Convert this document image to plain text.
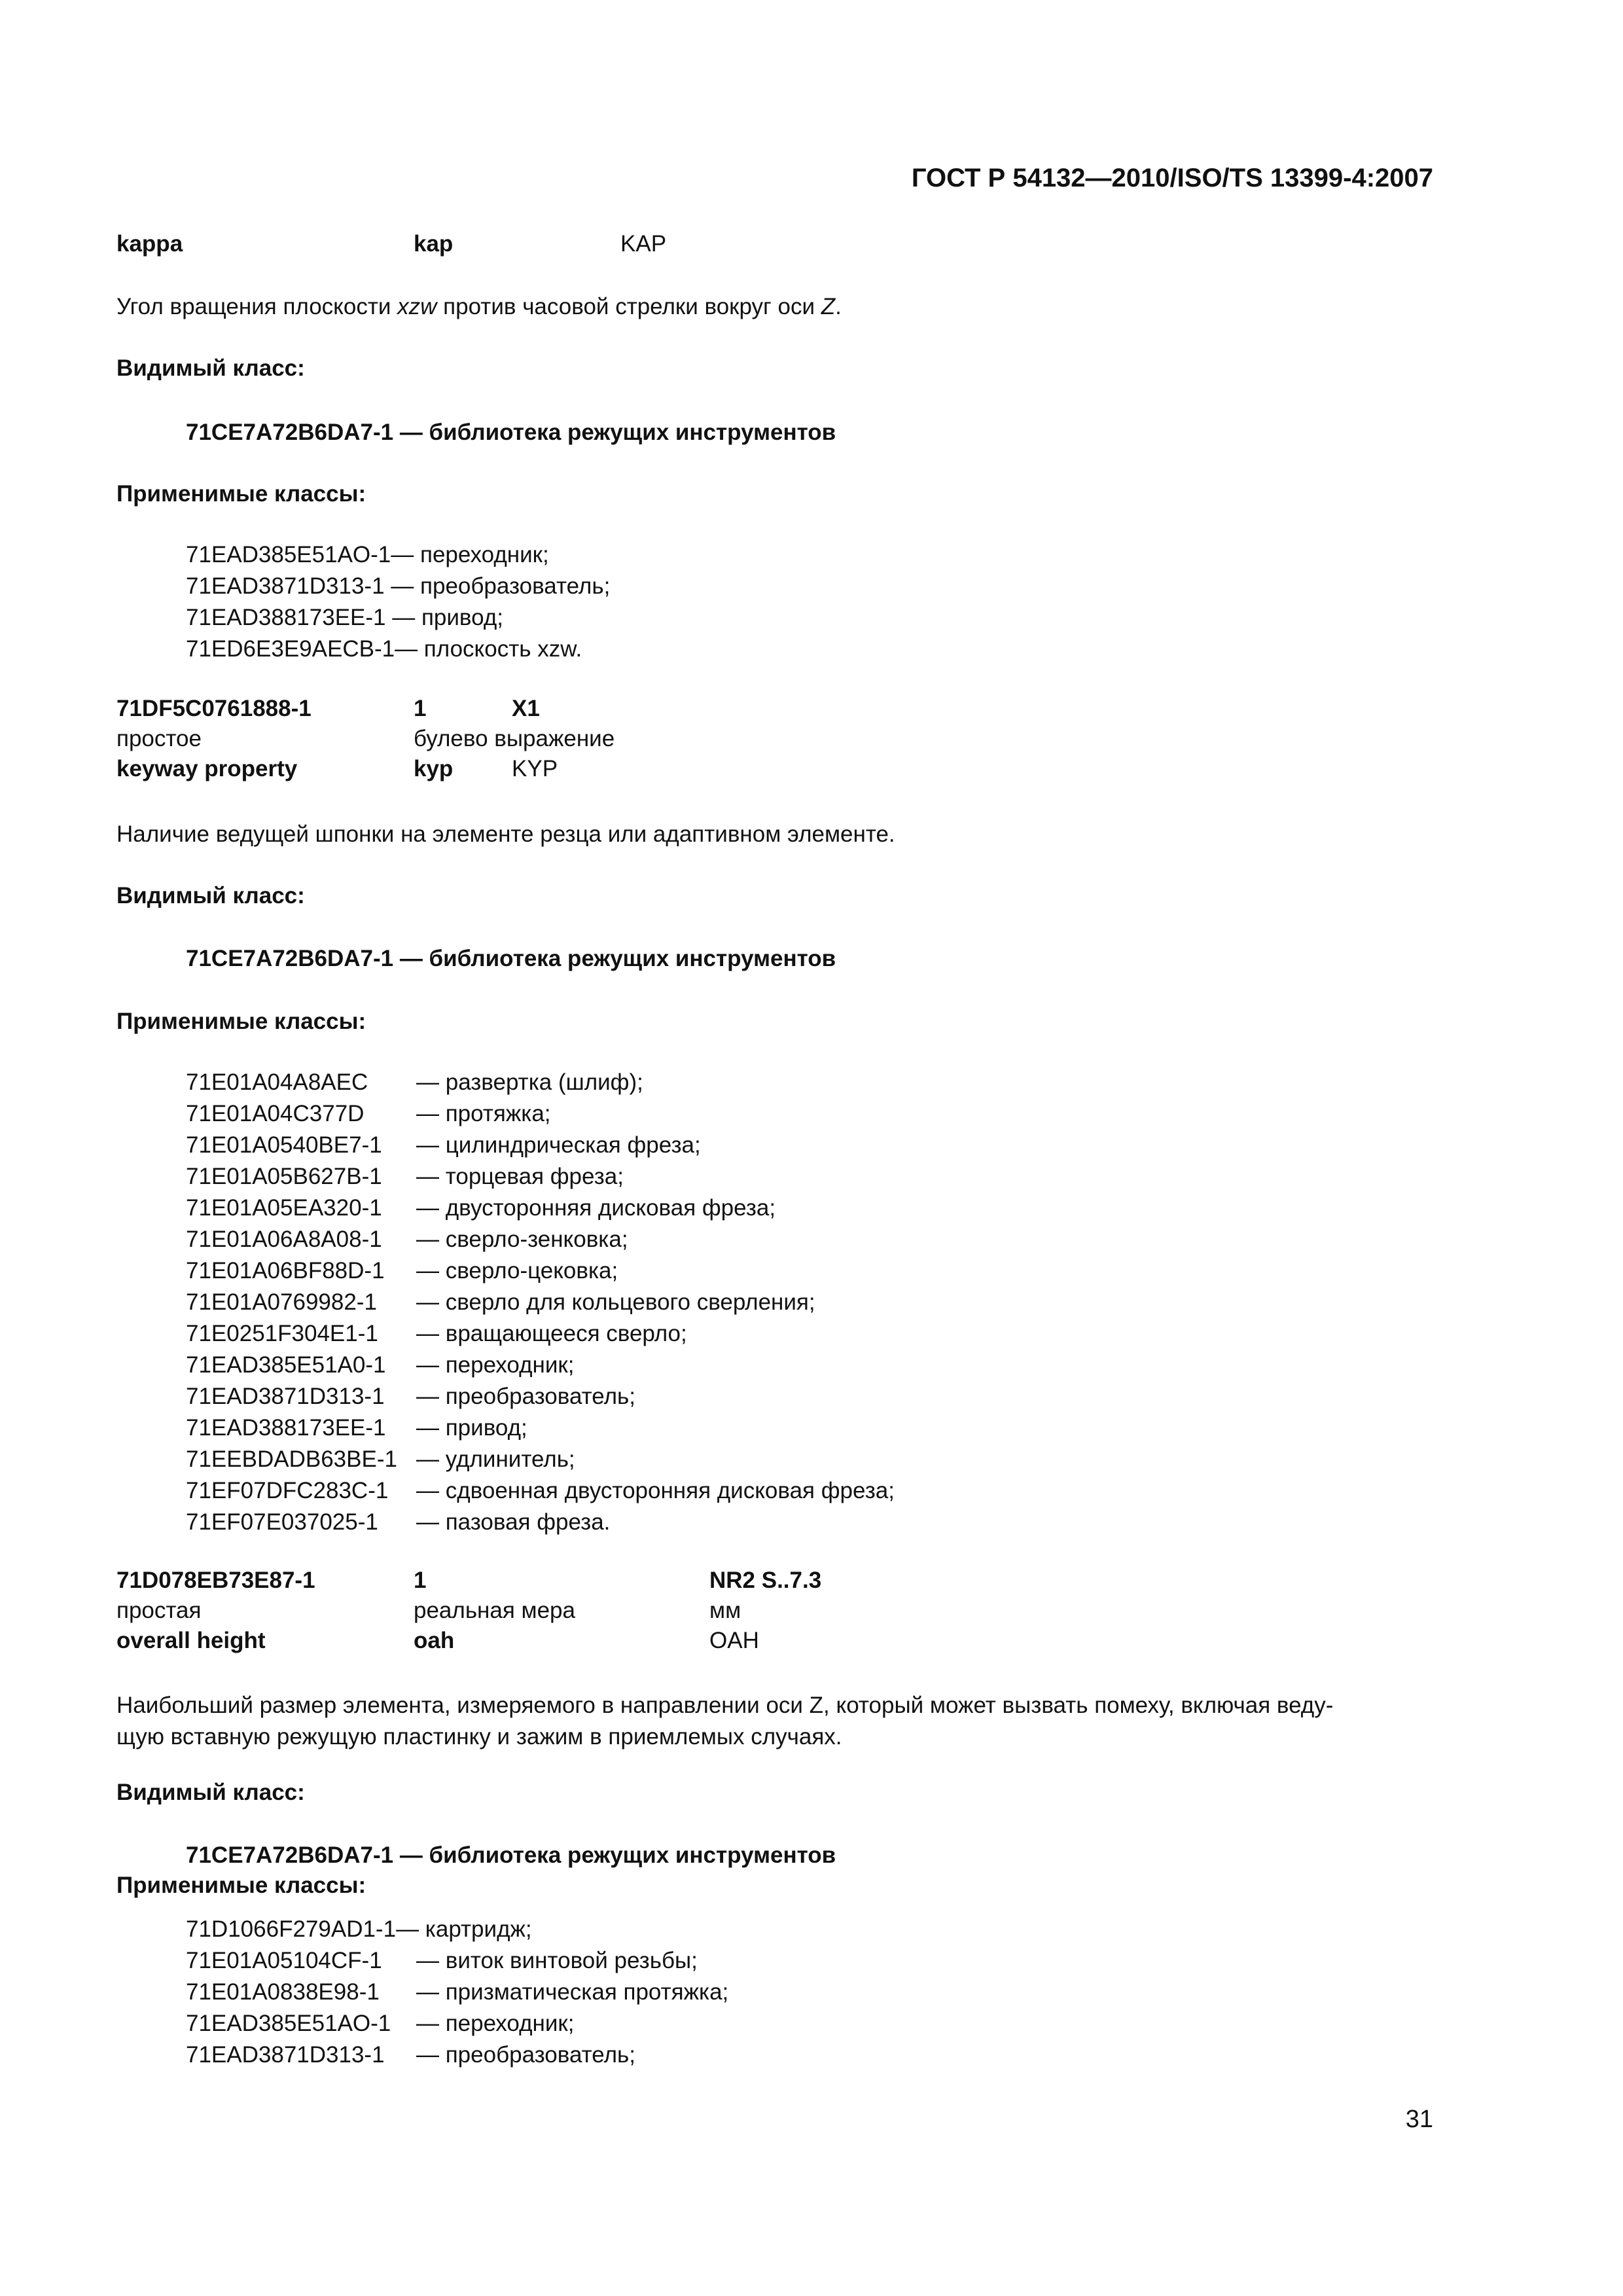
ГОСТ Р 54132—2010/ISO/TS 13399-4:2007
kappa	kap	KAP
Угол вращения плоскости xzw против часовой стрелки вокруг оси Z.
Видимый класс:
71CE7A72B6DA7-1 — библиотека режущих инструментов
Применимые классы:
71EAD385E51AO-1— переходник;
71EAD3871D313-1 — преобразователь;
71EAD388173EE-1 — привод;
71ED6E3E9AECB-1— плоскость xzw.
71DF5C0761888-1	1	X1
простое	булево выражение
keyway property	kyp	KYP
Наличие ведущей шпонки на элементе резца или адаптивном элементе.
Видимый класс:
71CE7A72B6DA7-1 — библиотека режущих инструментов
Применимые классы:
71E01A04A8AEC — развертка (шлиф);
71E01A04C377D — протяжка;
71E01A0540BE7-1 — цилиндрическая фреза;
71E01A05B627B-1 — торцевая фреза;
71E01A05EA320-1 — двусторонняя дисковая фреза;
71E01A06A8A08-1 — сверло-зенковка;
71E01A06BF88D-1 — сверло-цековка;
71E01A0769982-1 — сверло для кольцевого сверления;
71E0251F304E1-1 — вращающееся сверло;
71EAD385E51A0-1 — переходник;
71EAD3871D313-1 — преобразователь;
71EAD388173EE-1 — привод;
71EEBDADB63BE-1 — удлинитель;
71EF07DFC283C-1 — сдвоенная двусторонняя дисковая фреза;
71EF07E037025-1 — пазовая фреза.
71D078EB73E87-1	1	NR2 S..7.3
простая	реальная мера	мм
overall height	oah	OAH
Наибольший размер элемента, измеряемого в направлении оси Z, который может вызвать помеху, включая веду-
щую вставную режущую пластинку и зажим в приемлемых случаях.
Видимый класс:
71CE7A72B6DA7-1 — библиотека режущих инструментов
Применимые классы:
71D1066F279AD1-1— картридж;
71E01A05104CF-1 — виток винтовой резьбы;
71E01A0838E98-1 — призматическая протяжка;
71EAD385E51AO-1 — переходник;
71EAD3871D313-1 — преобразователь;
31
